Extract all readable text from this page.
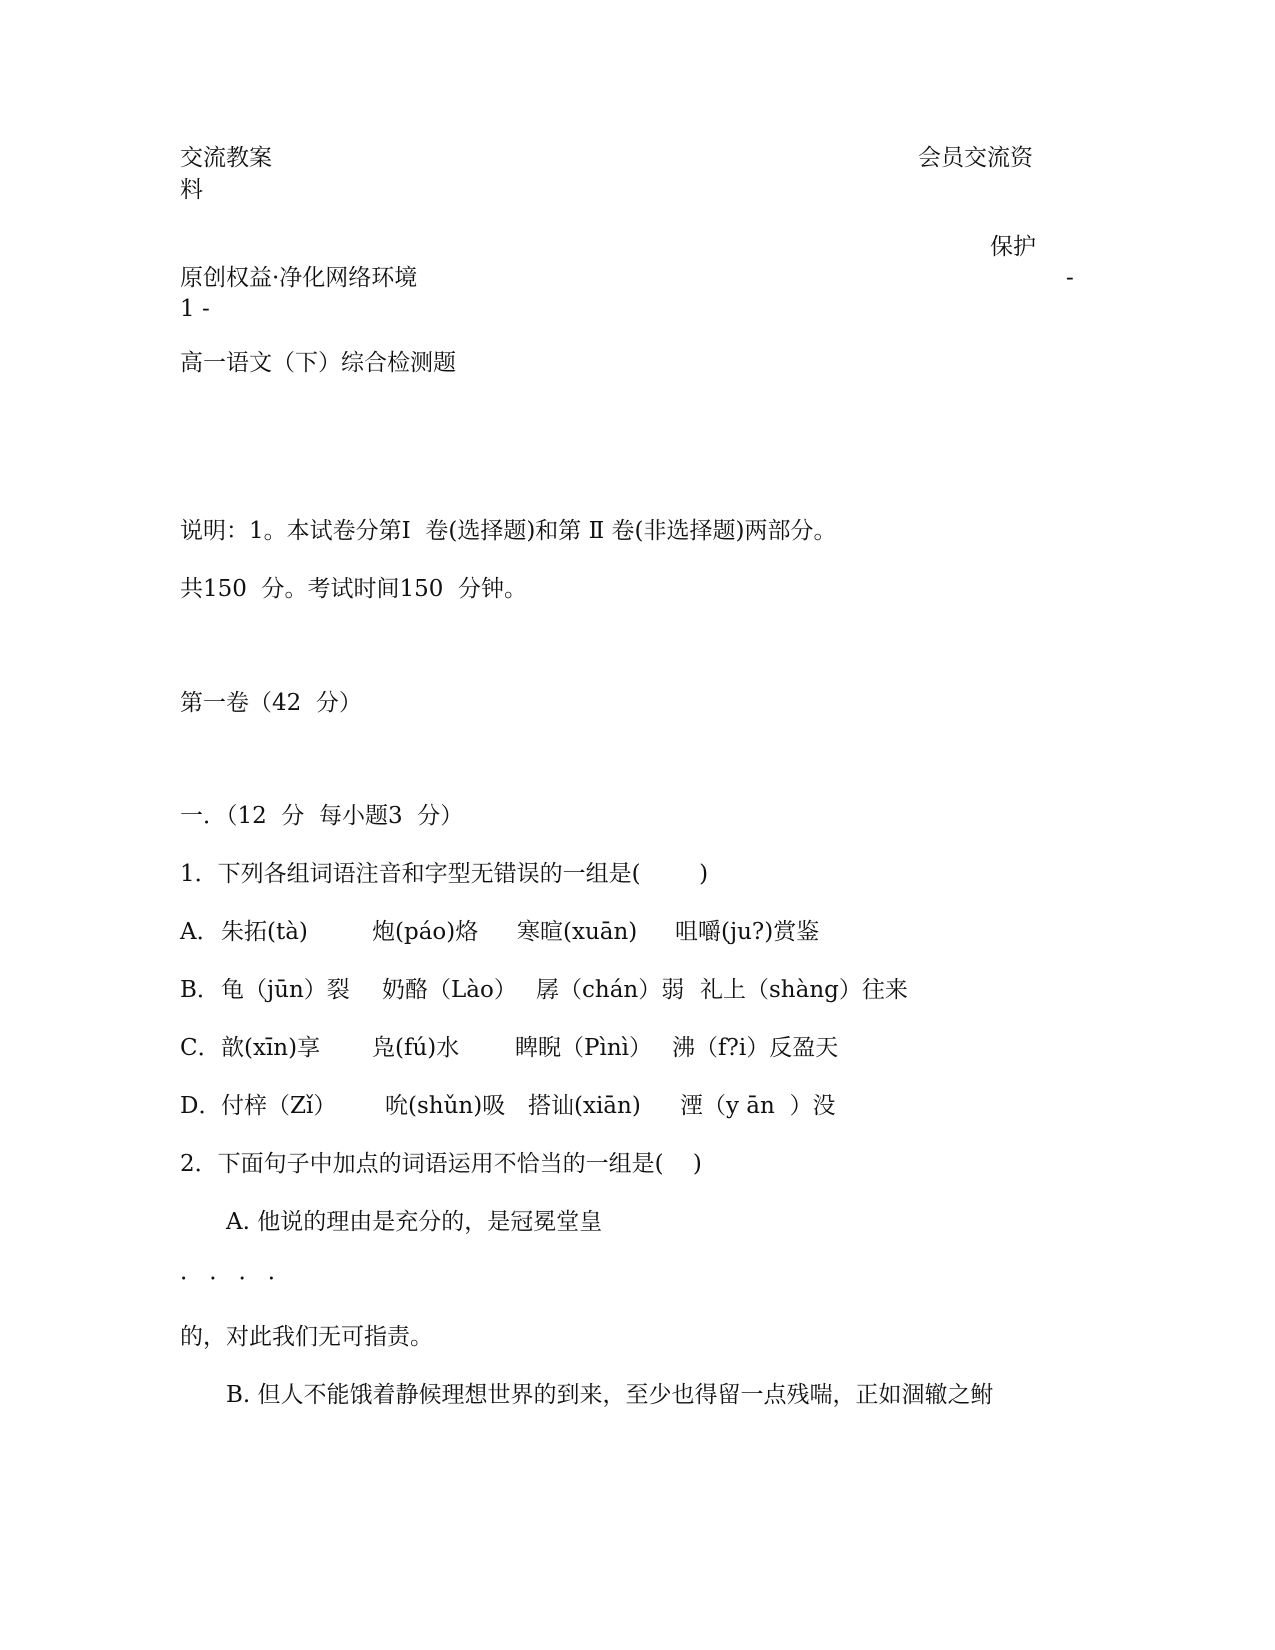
交流教案	会员交流资
料
保护
原创权益·净化网络环境	-
1 -
高一语文（下）综合检测题
说明：1。本试卷分第I  卷(选择题)和第 Ⅱ 卷(非选择题)两部分。
共150  分。考试时间150  分钟。
第一卷（42  分）
一．（12  分  每小题3  分）
1．下列各组词语注音和字型无错误的一组是(        )
A． 朱拓(tà)	炮(páo)烙 寒暄(xuān) 咀嚼(ju?)赏鉴
B． 龟（jūn）裂 奶酪（Lào） 孱（chán）弱 礼上（shàng）往来
C． 歆(xīn)享 凫(fú)水 睥睨（Pìnì） 沸（f?i）反盈天
D． 付梓（Zǐ） 吮(shǔn)吸 搭讪(xiān) 湮（y ān  ）没
2．下面句子中加点的词语运用不恰当的一组是(    )
A. 他说的理由是充分的，是冠冕堂皇
·   ·   ·   ·
的，对此我们无可指责。
B. 但人不能饿着静候理想世界的到来，至少也得留一点残喘，正如涸辙之鲋
